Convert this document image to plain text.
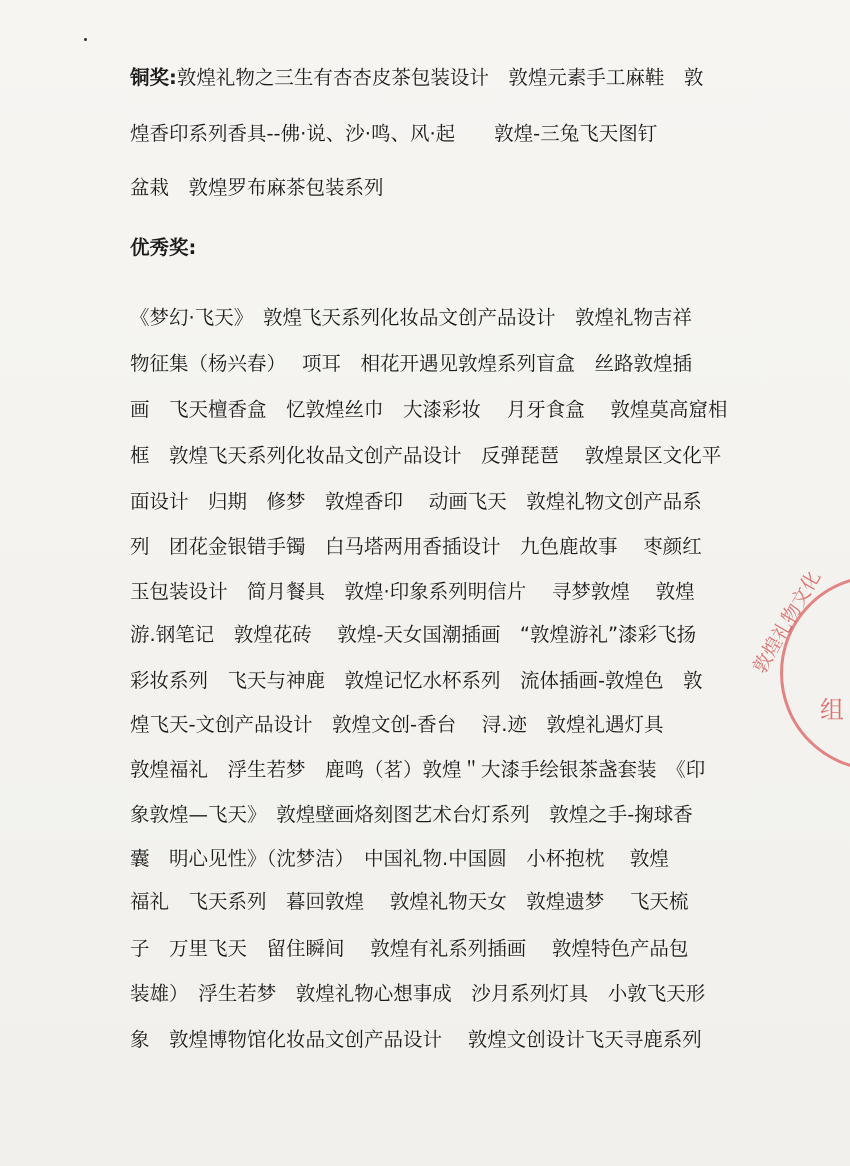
铜奖:敦煌礼物之三生有杏杏皮茶包装设计　敦煌元素手工麻鞋　敦
煌香印系列香具--佛·说、沙·鸣、风·起　　敦煌-三兔飞天图钉
盆栽　敦煌罗布麻茶包装系列
优秀奖:
《梦幻·飞天》　敦煌飞天系列化妆品文创产品设计　敦煌礼物吉祥
物征集（杨兴春）　 项耳　相花开遇见敦煌系列盲盒　丝路敦煌插
画　飞天檀香盒　忆敦煌丝巾　大漆彩妆　 月牙食盒　 敦煌莫高窟相
框　敦煌飞天系列化妆品文创产品设计　反弹琵琶　 敦煌景区文化平
面设计　归期　修梦　敦煌香印　 动画飞天　敦煌礼物文创产品系
列　团花金银错手镯　白马塔两用香插设计　九色鹿故事　 枣颜红
玉包装设计　简月餐具　敦煌·印象系列明信片　 寻梦敦煌　 敦煌
游.钢笔记　敦煌花砖　 敦煌-天女国潮插画　“敦煌游礼”漆彩飞扬
彩妆系列　飞天与神鹿　敦煌记忆水杯系列　流体插画-敦煌色　敦
煌飞天-文创产品设计　敦煌文创-香台　 浔.迹　敦煌礼遇灯具
敦煌福礼　浮生若梦　鹿鸣（茗）敦煌＂大漆手绘银茶盏套装　《印
象敦煌—飞天》　敦煌壁画烙刻图艺术台灯系列　敦煌之手-掬球香
囊　明心见性》（沈梦洁）　中国礼物.中国圆　小杯抱枕　 敦煌
福礼　飞天系列　暮回敦煌　 敦煌礼物天女　敦煌遗梦　 飞天梳
子　万里飞天　留住瞬间　 敦煌有礼系列插画　 敦煌特色产品包
装雄）　浮生若梦　敦煌礼物心想事成　沙月系列灯具　小敦飞天形
象　敦煌博物馆化妆品文创产品设计　 敦煌文创设计飞天寻鹿系列
敦煌礼物文化
组
